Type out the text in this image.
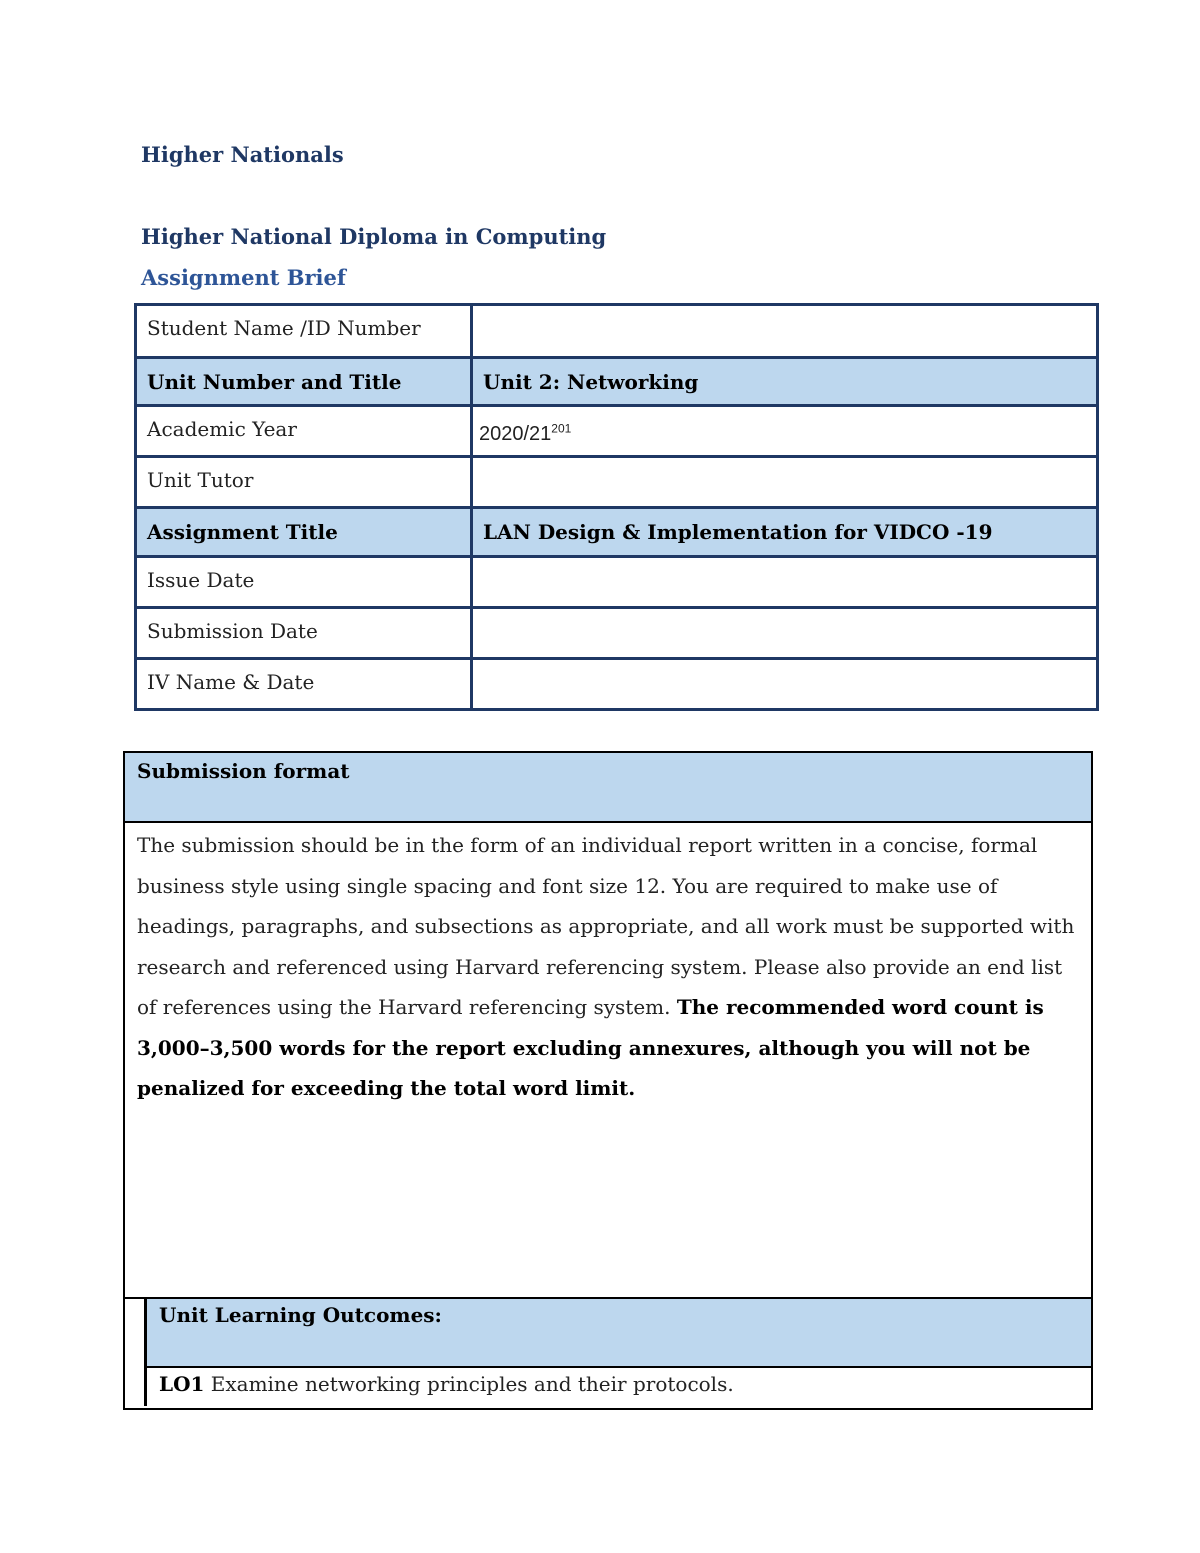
Higher Nationals
Higher National Diploma in Computing
Assignment Brief
Student Name /ID Number	
Unit Number and Title	Unit 2: Networking
Academic Year	$2020/21^{201}$
Unit Tutor	
Assignment Title	LAN Design & Implementation for VIDCO -19
Issue Date	
Submission Date	
IV Name & Date	
Submission format
The submission should be in the form of an individual report written in a concise, formal business style using single spacing and font size 12. You are required to make use of headings, paragraphs, and subsections as appropriate, and all work must be supported with research and referenced using Harvard referencing system. Please also provide an end list of references using the Harvard referencing system. The recommended word count is 3,000–3,500 words for the report excluding annexures, although you will not be penalized for exceeding the total word limit.
Unit Learning Outcomes:
LO1 Examine networking principles and their protocols.
